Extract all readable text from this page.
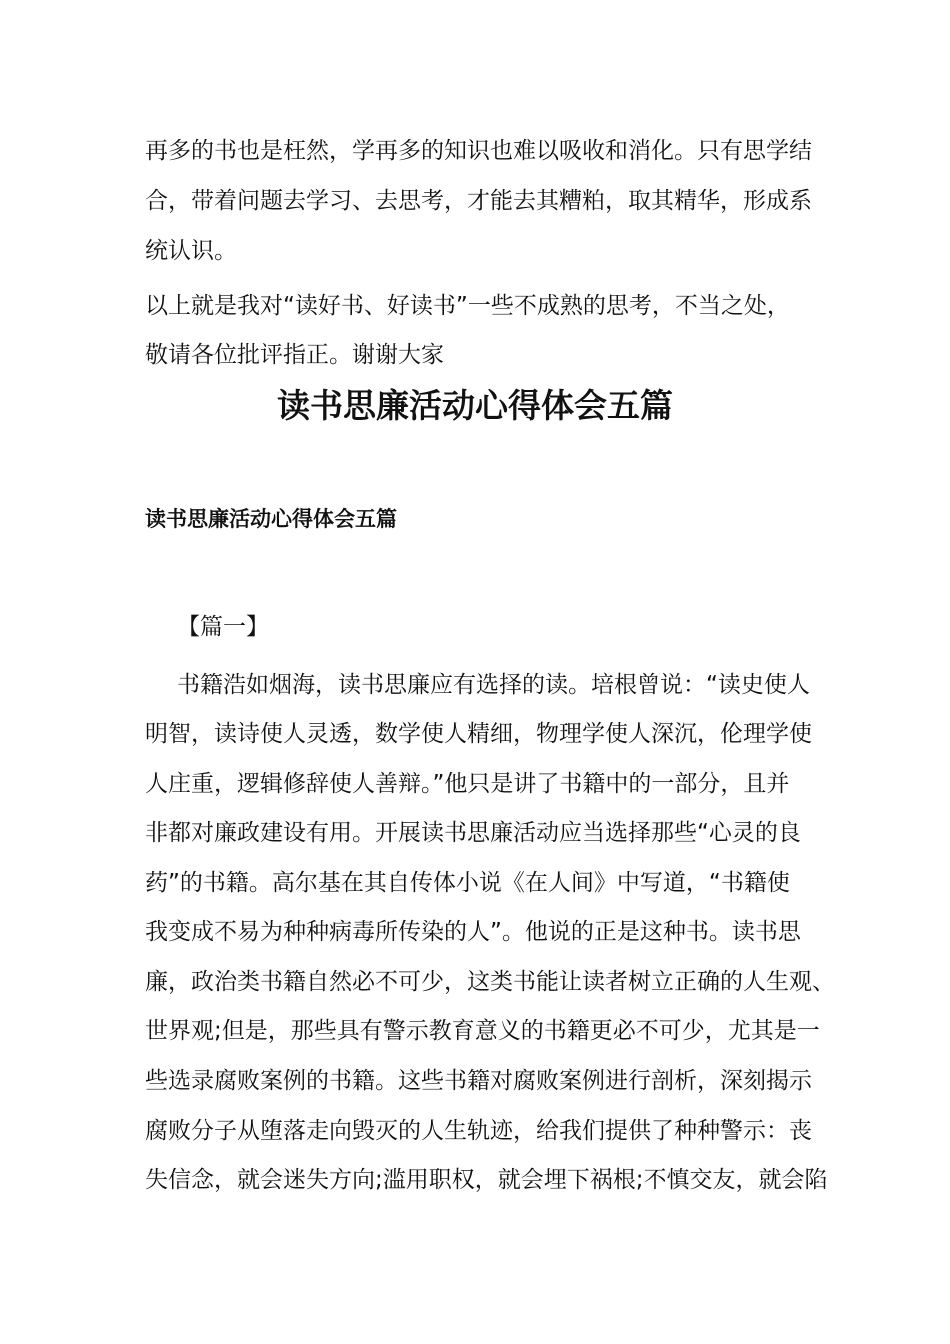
再多的书也是枉然，学再多的知识也难以吸收和消化。只有思学结
合，带着问题去学习、去思考，才能去其糟粕，取其精华，形成系
统认识。
以上就是我对“读好书、好读书”一些不成熟的思考，不当之处，
敬请各位批评指正。谢谢大家
读书思廉活动心得体会五篇
读书思廉活动心得体会五篇
【篇一】
书籍浩如烟海，读书思廉应有选择的读。培根曾说：“读史使人
明智，读诗使人灵透，数学使人精细，物理学使人深沉，伦理学使
人庄重，逻辑修辞使人善辩。”他只是讲了书籍中的一部分，且并
非都对廉政建设有用。开展读书思廉活动应当选择那些“心灵的良
药”的书籍。高尔基在其自传体小说《在人间》中写道，“书籍使
我变成不易为种种病毒所传染的人”。他说的正是这种书。读书思
廉，政治类书籍自然必不可少，这类书能让读者树立正确的人生观、
世界观;但是，那些具有警示教育意义的书籍更必不可少，尤其是一
些选录腐败案例的书籍。这些书籍对腐败案例进行剖析，深刻揭示
腐败分子从堕落走向毁灭的人生轨迹，给我们提供了种种警示：丧
失信念，就会迷失方向;滥用职权，就会埋下祸根;不慎交友，就会陷
